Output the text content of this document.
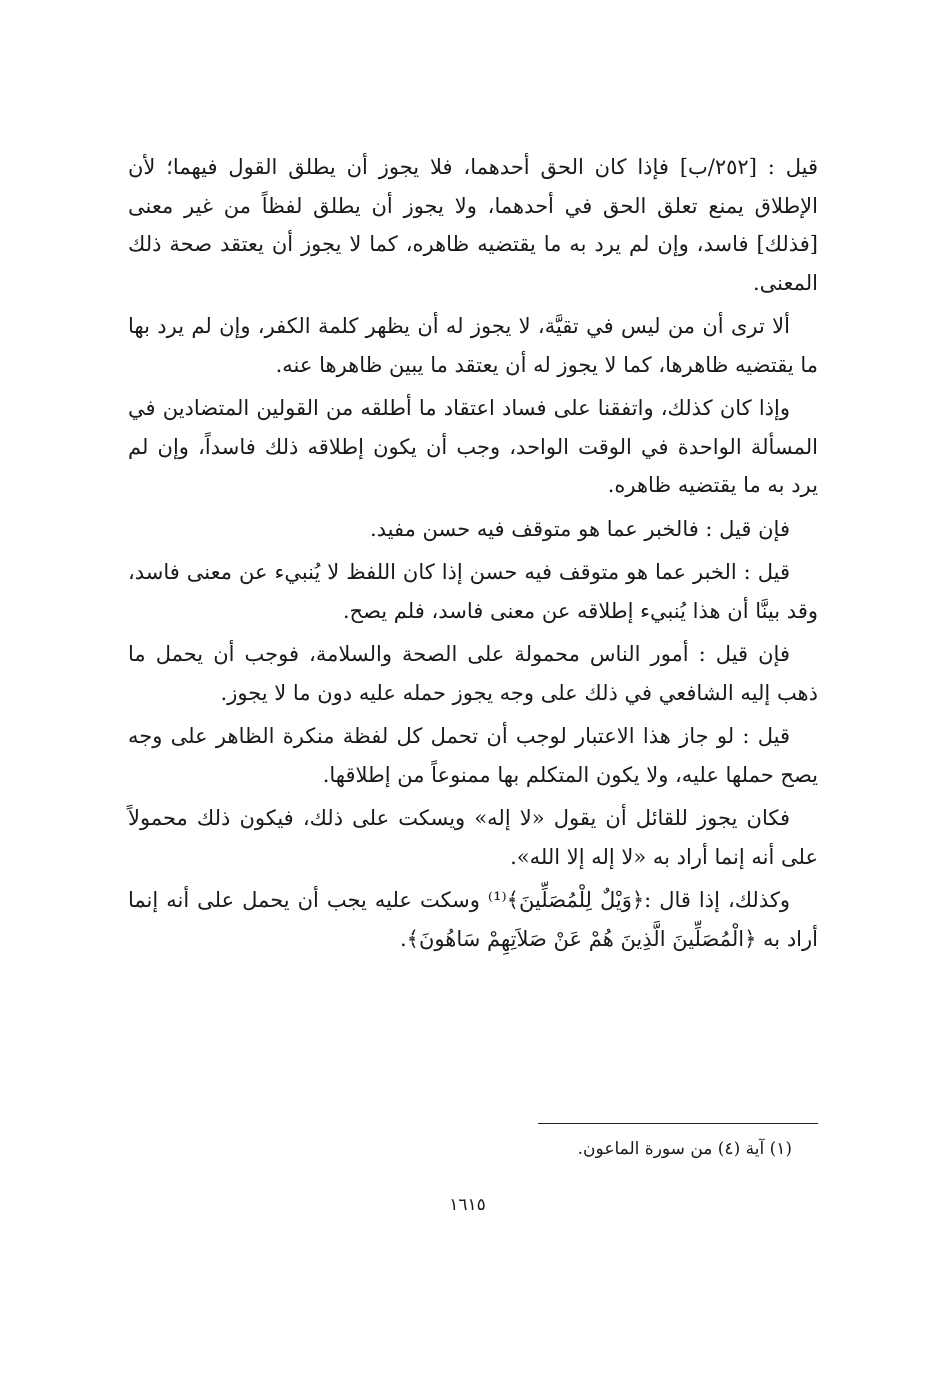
قيل : [٢٥٢/ب] فإذا كان الحق أحدهما، فلا يجوز أن يطلق القول فيهما؛ لأن الإطلاق يمنع تعلق الحق في أحدهما، ولا يجوز أن يطلق لفظاً من غير معنى [فذلك] فاسد، وإن لم يرد به ما يقتضيه ظاهره، كما لا يجوز أن يعتقد صحة ذلك المعنى.

ألا ترى أن من ليس في تقيَّة، لا يجوز له أن يظهر كلمة الكفر، وإن لم يرد بها ما يقتضيه ظاهرها، كما لا يجوز له أن يعتقد ما يبين ظاهرها عنه.

وإذا كان كذلك، واتفقنا على فساد اعتقاد ما أطلقه من القولين المتضادين في المسألة الواحدة في الوقت الواحد، وجب أن يكون إطلاقه ذلك فاسداً، وإن لم يرد به ما يقتضيه ظاهره.

فإن قيل : فالخبر عما هو متوقف فيه حسن مفيد.

قيل : الخبر عما هو متوقف فيه حسن إذا كان اللفظ لا يُنبيء عن معنى فاسد، وقد بينَّا أن هذا يُنبيء إطلاقه عن معنى فاسد، فلم يصح.

فإن قيل : أمور الناس محمولة على الصحة والسلامة، فوجب أن يحمل ما ذهب إليه الشافعي في ذلك على وجه يجوز حمله عليه دون ما لا يجوز.

قيل : لو جاز هذا الاعتبار لوجب أن تحمل كل لفظة منكرة الظاهر على وجه يصح حملها عليه، ولا يكون المتكلم بها ممنوعاً من إطلاقها.

فكان يجوز للقائل أن يقول «لا إله» ويسكت على ذلك، فيكون ذلك محمولاً على أنه إنما أراد به «لا إله إلا الله».

وكذلك، إذا قال :﴿وَيْلٌ لِلْمُصَلِّينَ﴾⁽¹⁾ وسكت عليه يجب أن يحمل على أنه إنما أراد به ﴿الْمُصَلِّينَ الَّذِينَ هُمْ عَنْ صَلاَتِهِمْ سَاهُونَ﴾.

(١) آية (٤) من سورة الماعون.
١٦١٥
